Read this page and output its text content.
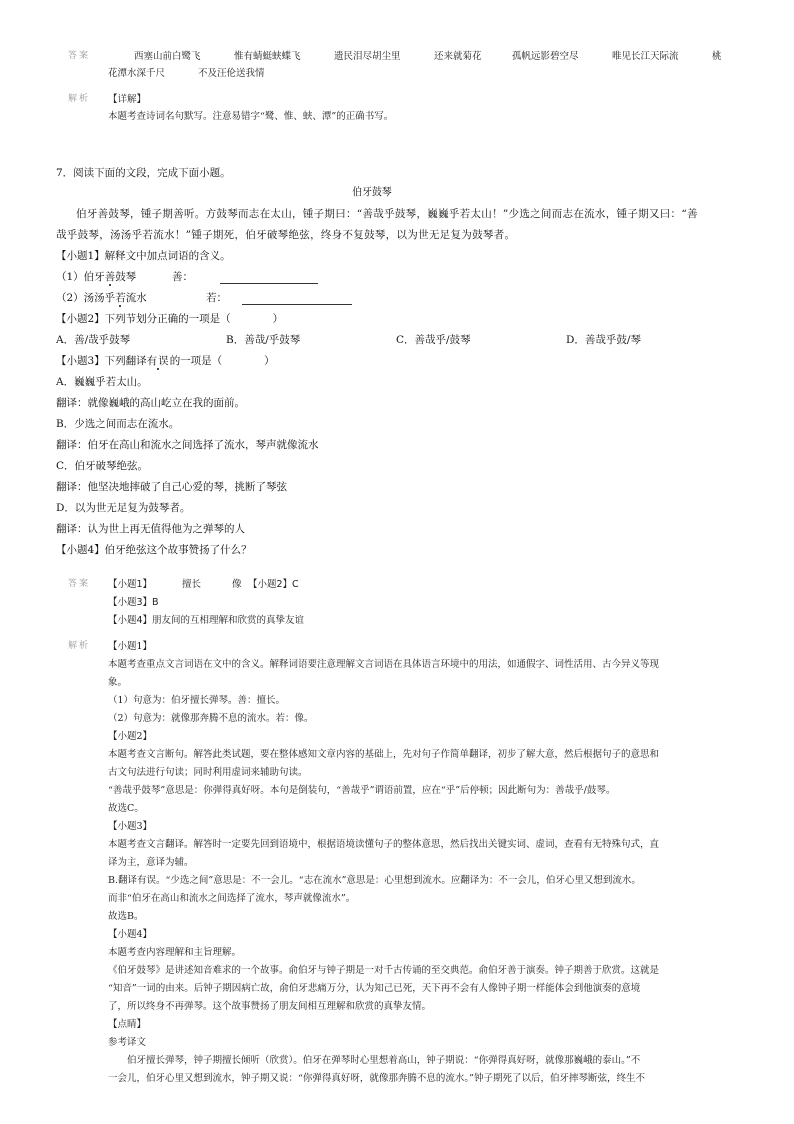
答案	西塞山前白鹭飞	惟有蜻蜓蛱蝶飞	遗民泪尽胡尘里	还来就菊花	孤帆远影碧空尽	唯见长江天际流	桃
花潭水深千尺	不及汪伦送我情
解析 【详解】
本题考查诗词名句默写。注意易错字“鹭、惟、蛱、潭”的正确书写。
7．阅读下面的文段，完成下面小题。
伯牙鼓琴
伯牙善鼓琴，锺子期善听。方鼓琴而志在太山，锺子期曰：“善哉乎鼓琴，巍巍乎若太山！”少选之间而志在流水，锺子期又曰：“善
哉乎鼓琴，汤汤乎若流水！”锺子期死，伯牙破琴绝弦，终身不复鼓琴，以为世无足复为鼓琴者。
【小题1】解释文中加点词语的含义。
（1）伯牙善鼓琴	善：
（2）汤汤乎若流水	若：
【小题2】下列节划分正确的一项是（　　　　）
A．善/哉乎鼓琴	B．善哉/乎鼓琴	C．善哉乎/鼓琴	D．善哉乎鼓/琴
【小题3】下列翻译有误的一项是（　　　　）
A．巍巍乎若太山。
翻译：就像巍峨的高山屹立在我的面前。
B．少选之间而志在流水。
翻译：伯牙在高山和流水之间选择了流水，琴声就像流水
C．伯牙破琴绝弦。
翻译：他坚决地摔破了自己心爱的琴，挑断了琴弦
D．以为世无足复为鼓琴者。
翻译：认为世上再无值得他为之弹琴的人
【小题4】伯牙绝弦这个故事赞扬了什么？
答案 【小题1】	擅长	像 【小题2】C
【小题3】B
【小题4】朋友间的互相理解和欣赏的真挚友谊
解析 【小题1】
本题考查重点文言词语在文中的含义。解释词语要注意理解文言词语在具体语言环境中的用法，如通假字、词性活用、古今异义等现
象。
（1）句意为：伯牙擅长弹琴。善：擅长。
（2）句意为：就像那奔腾不息的流水。若：像。
【小题2】
本题考查文言断句。解答此类试题，要在整体感知文章内容的基础上，先对句子作简单翻译，初步了解大意，然后根据句子的意思和
古文句法进行句读；同时利用虚词来辅助句读。
“善哉乎鼓琴”意思是：你弹得真好呀。本句是倒装句，“善哉乎”谓语前置，应在“乎”后停顿；因此断句为：善哉乎/鼓琴。
故选C。
【小题3】
本题考查文言翻译。解答时一定要先回到语境中，根据语境读懂句子的整体意思，然后找出关键实词、虚词，查看有无特殊句式，直
译为主，意译为辅。
B.翻译有误。“少选之间”意思是：不一会儿。“志在流水”意思是：心里想到流水。应翻译为：不一会儿，伯牙心里又想到流水。
而非“伯牙在高山和流水之间选择了流水，琴声就像流水”。
故选B。
【小题4】
本题考查内容理解和主旨理解。
《伯牙鼓琴》是讲述知音难求的一个故事。俞伯牙与钟子期是一对千古传诵的至交典范。俞伯牙善于演奏。钟子期善于欣赏。这就是
“知音”一词的由来。后钟子期因病亡故，俞伯牙悲痛万分，认为知己已死，天下再不会有人像钟子期一样能体会到他演奏的意境
了，所以终身不再弹琴。这个故事赞扬了朋友间相互理解和欣赏的真挚友情。
【点睛】
参考译文
　　伯牙擅长弹琴，钟子期擅长倾听（欣赏）。伯牙在弹琴时心里想着高山，钟子期说：“你弹得真好呀，就像那巍峨的泰山。”不
一会儿，伯牙心里又想到流水，钟子期又说：“你弹得真好呀，就像那奔腾不息的流水。”钟子期死了以后，伯牙摔琴断弦，终生不
